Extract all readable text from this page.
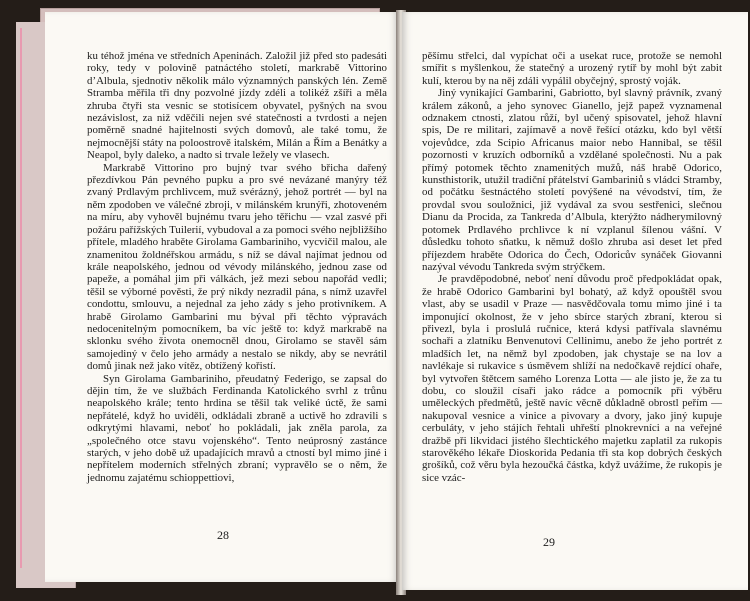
ku téhož jména ve středních Apeninách. Založil již před sto padesáti roky, tedy v polovině patnáctého století, markrabě Vittorino d’Albula, sjednotiv několik málo významných panských lén. Země Stramba měřila tři dny pozvolné jízdy zdéli a tolikéž zšíři a měla zhruba čtyři sta vesnic se stotisícem obyvatel, pyšných na svou nezávislost, za niž vděčili nejen své statečnosti a tvrdosti a nejen poměrně snadné hajitelnosti svých domovů, ale také tomu, že nejmocnější státy na poloostrově italském, Milán a Řím a Benátky a Neapol, byly daleko, a nadto si trvale ležely ve vlasech.

Markrabě Vittorino pro bujný tvar svého břicha dařený přezdívkou Pán pevného pupku a pro své nevázané manýry též zvaný Prdlavým prchlivcem, muž svérázný, jehož portrét — byl na něm zpodoben ve válečné zbroji, v milánském krunýři, zhotoveném na míru, aby vyhověl bujnému tvaru jeho těřichu — vzal zasvé při požáru pařížských Tuilerií, vybudoval a za pomoci svého nejbližšího přítele, mladého hraběte Girolama Gambariniho, vycvičil malou, ale znamenitou žoldnéřskou armádu, s níž se dával najímat jednou od krále neapolského, jednou od vévody milánského, jednou zase od papeže, a pomáhal jim při válkách, jež mezi sebou napořád vedli; těšil se výborné pověsti, že prý nikdy nezradil pána, s nímž uzavřel condottu, smlouvu, a nejednal za jeho zády s jeho protivníkem. A hrabě Girolamo Gambarini mu býval při těchto výpravách nedocenitelným pomocníkem, ba víc ještě to: když markrabě na sklonku svého života onemocněl dnou, Girolamo se stavěl sám samojediný v čelo jeho armády a nestalo se nikdy, aby se nevrátil domů jinak než jako vítěz, obtížený kořistí.

Syn Girolama Gambariniho, přeudatný Federigo, se zapsal do dějin tím, že ve službách Ferdinanda Katolického svrhl z trůnu neapolského krále; tento hrdina se těšil tak veliké úctě, že sami nepřátelé, když ho uviděli, odkládali zbraně a uctivě ho zdravili s odkrytými hlavami, neboť ho pokládali, jak zněla parola, za „společného otce stavu vojenského“. Tento neúprosný zastánce starých, v jeho době už upadajících mravů a ctností byl mimo jiné i nepřítelem moderních střelných zbraní; vypravělo se o něm, že jednomu zajatému schioppettiovi,

28

pěšímu střelci, dal vypíchat oči a usekat ruce, protože se nemohl smířit s myšlenkou, že statečný a urozený rytíř by mohl být zabit kulí, kterou by na něj zdáli vypálil obyčejný, sprostý voják.

Jiný vynikající Gambarini, Gabriotto, byl slavný právník, zvaný králem zákonů, a jeho synovec Gianello, jejž papež vyznamenal odznakem ctnosti, zlatou růží, byl učený spisovatel, jehož hlavní spis, De re militari, zajímavě a nově řešící otázku, kdo byl větší vojevůdce, zda Scipio Africanus maior nebo Hannibal, se těšil pozornosti v kruzích odborníků a vzdělané společnosti. Nu a pak přímý potomek těchto znamenitých mužů, náš hrabě Odorico, kunsthistorik, utužil tradiční přátelství Gambariniů s vládci Stramby, od počátku šestnáctého století povýšené na vévodství, tím, že provdal svou souložnici, již vydával za svou sestřenici, slečnou Dianu da Procida, za Tankreda d’Albula, kterýžto nádherymilovný potomek Prdlavého prchlivce k ní vzplanul šílenou vášní. V důsledku tohoto sňatku, k němuž došlo zhruba asi deset let před příjezdem hraběte Odorica do Čech, Odoricův synáček Giovanni nazýval vévodu Tankreda svým strýčkem.

Je pravděpodobné, neboť není důvodu proč předpokládat opak, že hrabě Odorico Gambarini byl bohatý, až když opouštěl svou vlast, aby se usadil v Praze — nasvědčovala tomu mimo jiné i ta imponující okolnost, že v jeho sbírce starých zbraní, kterou si přivezl, byla i proslulá ručnice, která kdysi patřívala slavnému sochaři a zlatníku Benvenutovi Cellinimu, anebo že jeho portrét z mladších let, na němž byl zpodoben, jak chystaje se na lov a navlékaje si rukavice s úsměvem shlíží na nedočkavě rejdící ohaře, byl vytvořen štětcem samého Lorenza Lotta — ale jisto je, že za tu dobu, co sloužil císaři jako rádce a pomocník při výběru uměleckých předmětů, ještě navíc věcně důkladně obrostl peřím — nakupoval vesnice a vinice a pivovary a dvory, jako jiný kupuje cerbuláty, v jeho stájích řehtali uhřeští plnokrevníci a na veřejné dražbě při likvidaci jistého šlechtického majetku zaplatil za rukopis starověkého lékaře Dioskorida Pedania tři sta kop dobrých českých grošíků, což věru byla hezoučká částka, když uvážíme, že rukopis je sice vzác-

29
